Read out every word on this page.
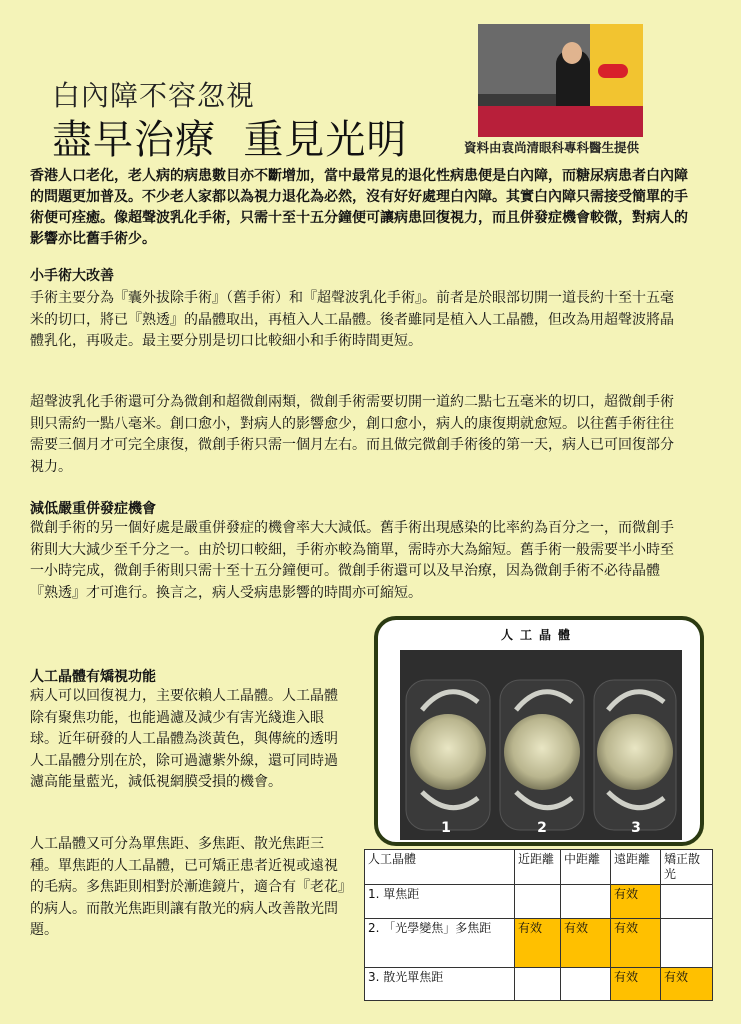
白內障不容忽視
盡早治療  重見光明	資料由袁尚清眼科專科醫生提供
香港人口老化，老人病的病患數目亦不斷增加，當中最常見的退化性病患便是白內障，而糖尿病患者白內障的問題更加普及。不少老人家都以為視力退化為必然，沒有好好處理白內障。其實白內障只需接受簡單的手術便可痊癒。像超聲波乳化手術，只需十至十五分鐘便可讓病患回復視力，而且併發症機會較微，對病人的影響亦比舊手術少。
小手術大改善
手術主要分為『囊外拔除手術』（舊手術）和『超聲波乳化手術』。前者是於眼部切開一道長約十至十五毫米的切口，將已『熟透』的晶體取出，再植入人工晶體。後者雖同是植入人工晶體，但改為用超聲波將晶體乳化，再吸走。最主要分別是切口比較細小和手術時間更短。
超聲波乳化手術還可分為微創和超微創兩類，微創手術需要切開一道約二點七五毫米的切口，超微創手術則只需約一點八毫米。創口愈小，對病人的影響愈少，創口愈小，病人的康復期就愈短。以往舊手術往往需要三個月才可完全康復，微創手術只需一個月左右。而且做完微創手術後的第一天，病人已可回復部分視力。
減低嚴重併發症機會
微創手術的另一個好處是嚴重併發症的機會率大大減低。舊手術出現感染的比率約為百分之一，而微創手術則大大減少至千分之一。由於切口較細，手術亦較為簡單，需時亦大為縮短。舊手術一般需要半小時至一小時完成，微創手術則只需十至十五分鐘便可。微創手術還可以及早治療，因為微創手術不必待晶體『熟透』才可進行。換言之，病人受病患影響的時間亦可縮短。
人工晶體有矯視功能
病人可以回復視力，主要依賴人工晶體。人工晶體除有聚焦功能，也能過濾及減少有害光綫進入眼球。近年研發的人工晶體為淡黃色，與傳統的透明人工晶體分別在於，除可過濾紫外線，還可同時過濾高能量藍光，減低視網膜受損的機會。
人工晶體又可分為單焦距、多焦距、散光焦距三種。單焦距的人工晶體，已可矯正患者近視或遠視的毛病。多焦距則相對於漸進鏡片，適合有『老花』的病人。而散光焦距則讓有散光的病人改善散光問題。
人工晶體
1	2	3
人工晶體	近距離	中距離	遠距離	矯正散光
1. 單焦距			有效	
2. 「光學變焦」多焦距	有效	有效	有效	
3. 散光單焦距			有效	有效
